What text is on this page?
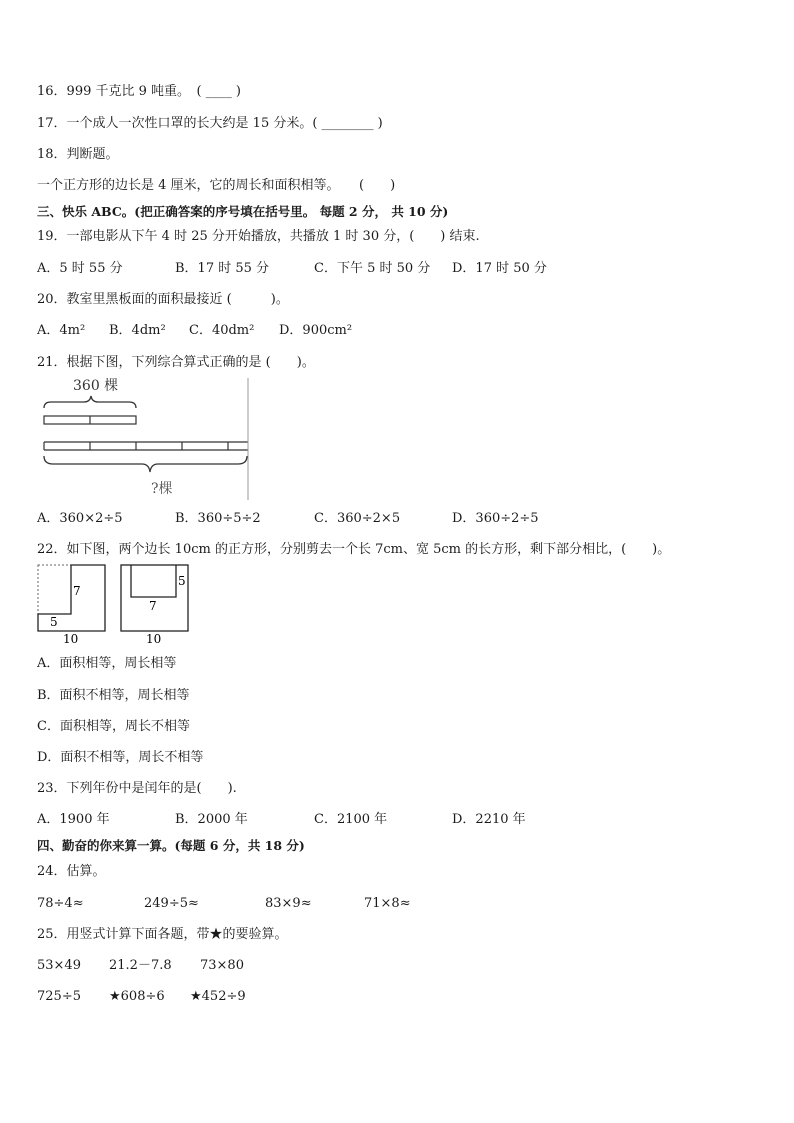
16．999 千克比 9 吨重。　( ____ )
17．一个成人一次性口罩的长大约是 15 分米。( ________ )
18．判断题。
一个正方形的边长是 4 厘米，它的周长和面积相等。　　(　　)
三、快乐 ABC。(把正确答案的序号填在括号里。 每题 2 分， 共 10 分)
19．一部电影从下午 4 时 25 分开始播放，共播放 1 时 30 分，(　　) 结束.
A．5 时 55 分	B．17 时 55 分	C．下午 5 时 50 分 D．17 时 50 分
20．教室里黑板面的面积最接近 (　　　)。
A．4m² B．4dm² C．40dm² D．900cm²
21．根据下图，下列综合算式正确的是 (　　)。
360 棵
?棵
A．360×2÷5	B．360÷5÷2	C．360÷2×5	D．360÷2÷5
22．如下图，两个边长 10cm 的正方形，分别剪去一个长 7cm、宽 5cm 的长方形，剩下部分相比，(　　)。
7
5
10
5
7
10
A．面积相等，周长相等
B．面积不相等，周长相等
C．面积相等，周长不相等
D．面积不相等，周长不相等
23．下列年份中是闰年的是(　　).
A．1900 年	B．2000 年	C．2100 年	D．2210 年
四、勤奋的你来算一算。(每题 6 分，共 18 分)
24．估算。
78÷4≈	249÷5≈	83×9≈	71×8≈
25．用竖式计算下面各题，带★的要验算。
53×49 21.2－7.8 73×80
725÷5 ★608÷6 ★452÷9
